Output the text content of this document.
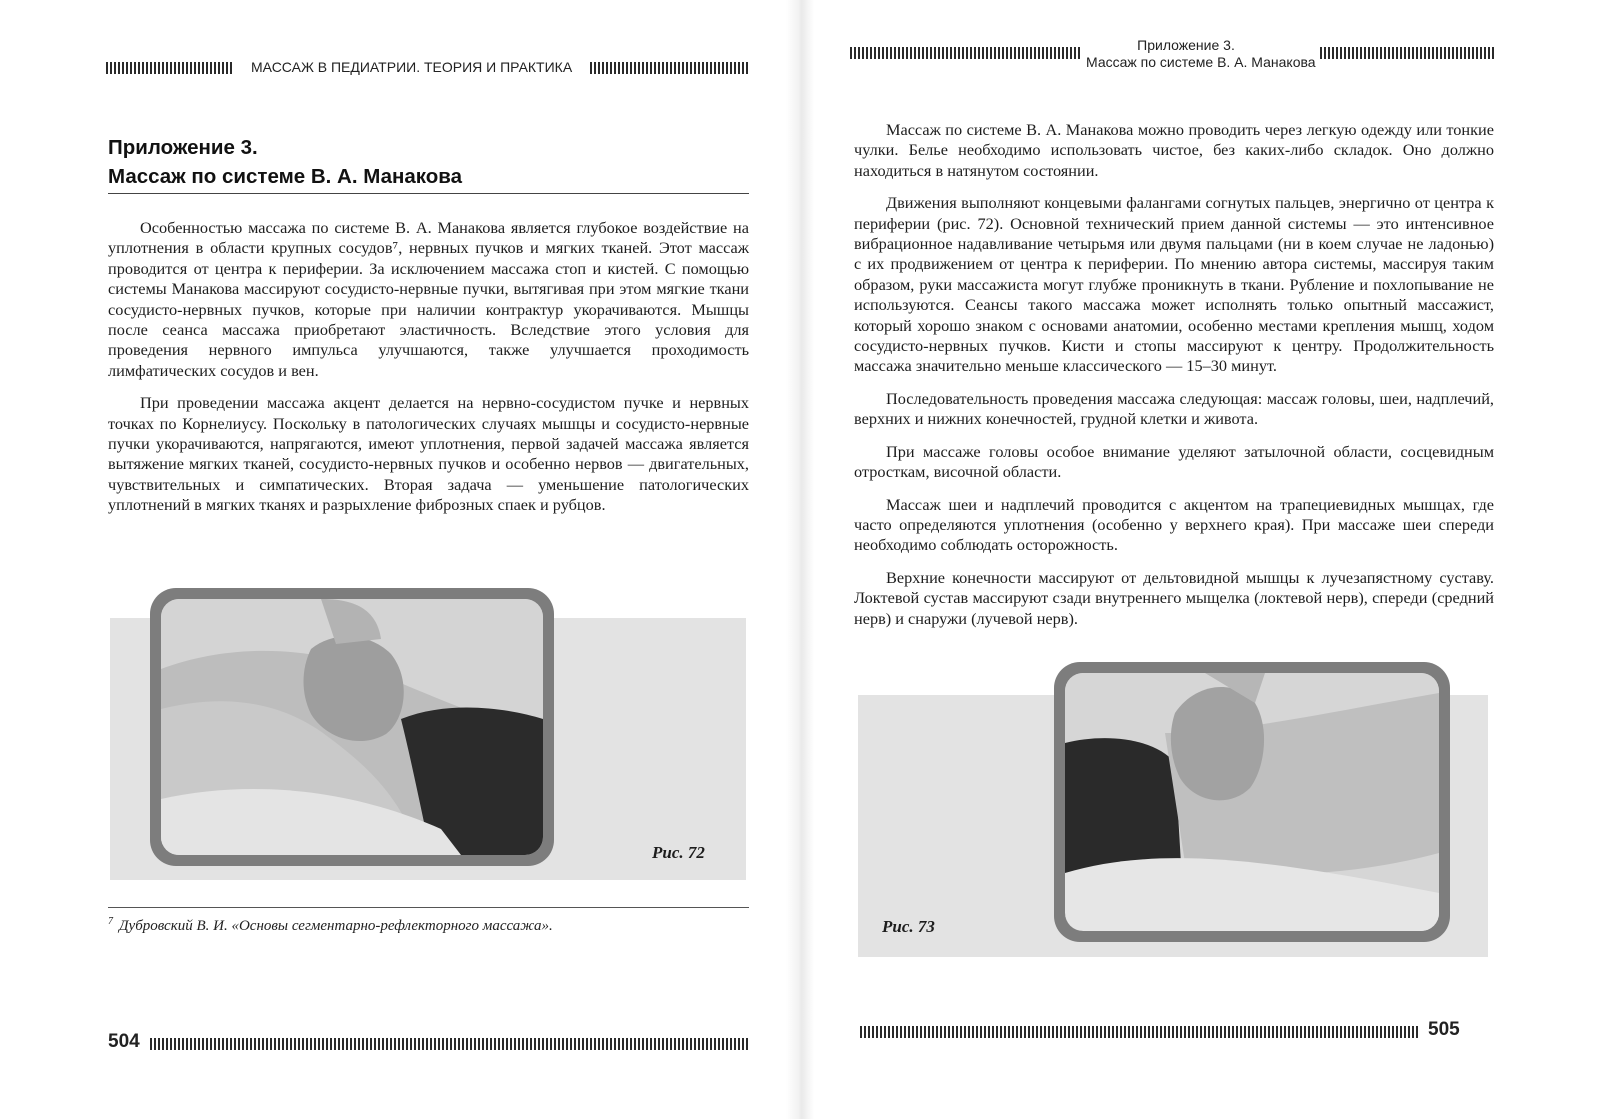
МАССАЖ В ПЕДИАТРИИ. ТЕОРИЯ И ПРАКТИКА
Приложение 3.
Массаж по системе В. А. Манакова

Особенностью массажа по системе В. А. Манакова является глубокое воздействие на уплотнения в области крупных сосудов⁷, нервных пучков и мягких тканей. Этот массаж проводится от центра к периферии. За исключением массажа стоп и кистей. С помощью системы Манакова массируют сосудисто-нервные пучки, вытягивая при этом мягкие ткани сосудисто-нервных пучков, которые при наличии контрактур укорачиваются. Мышцы после сеанса массажа приобретают эластичность. Вследствие этого условия для проведения нервного импульса улучшаются, также улучшается проходимость лимфатических сосудов и вен.

При проведении массажа акцент делается на нервно-сосудистом пучке и нервных точках по Корнелиусу. Поскольку в патологических случаях мышцы и сосудисто-нервные пучки укорачиваются, напрягаются, имеют уплотнения, первой задачей массажа является вытяжение мягких тканей, сосудисто-нервных пучков и особенно нервов — двигательных, чувствительных и симпатических. Вторая задача — уменьшение патологических уплотнений в мягких тканях и разрыхление фиброзных спаек и рубцов.

Рис. 72
$^7$ Дубровский В. И. «Основы сегментарно-рефлекторного массажа».
504
Приложение 3.
Массаж по системе В. А. Манакова

Массаж по системе В. А. Манакова можно проводить через легкую одежду или тонкие чулки. Белье необходимо использовать чистое, без каких-либо складок. Оно должно находиться в натянутом состоянии.

Движения выполняют концевыми фалангами согнутых пальцев, энергично от центра к периферии (рис. 72). Основной технический прием данной системы — это интенсивное вибрационное надавливание четырьмя или двумя пальцами (ни в коем случае не ладонью) с их продвижением от центра к периферии. По мнению автора системы, массируя таким образом, руки массажиста могут глубже проникнуть в ткани. Рубление и похлопывание не используются. Сеансы такого массажа может исполнять только опытный массажист, который хорошо знаком с основами анатомии, особенно местами крепления мышц, ходом сосудисто-нервных пучков. Кисти и стопы массируют к центру. Продолжительность массажа значительно меньше классического — 15–30 минут.

Последовательность проведения массажа следующая: массаж головы, шеи, надплечий, верхних и нижних конечностей, грудной клетки и живота.

При массаже головы особое внимание уделяют затылочной области, сосцевидным отросткам, височной области.

Массаж шеи и надплечий проводится с акцентом на трапециевидных мышцах, где часто определяются уплотнения (особенно у верхнего края). При массаже шеи спереди необходимо соблюдать осторожность.

Верхние конечности массируют от дельтовидной мышцы к лучезапястному суставу. Локтевой сустав массируют сзади внутреннего мыщелка (локтевой нерв), спереди (средний нерв) и снаружи (лучевой нерв).

Рис. 73
505
